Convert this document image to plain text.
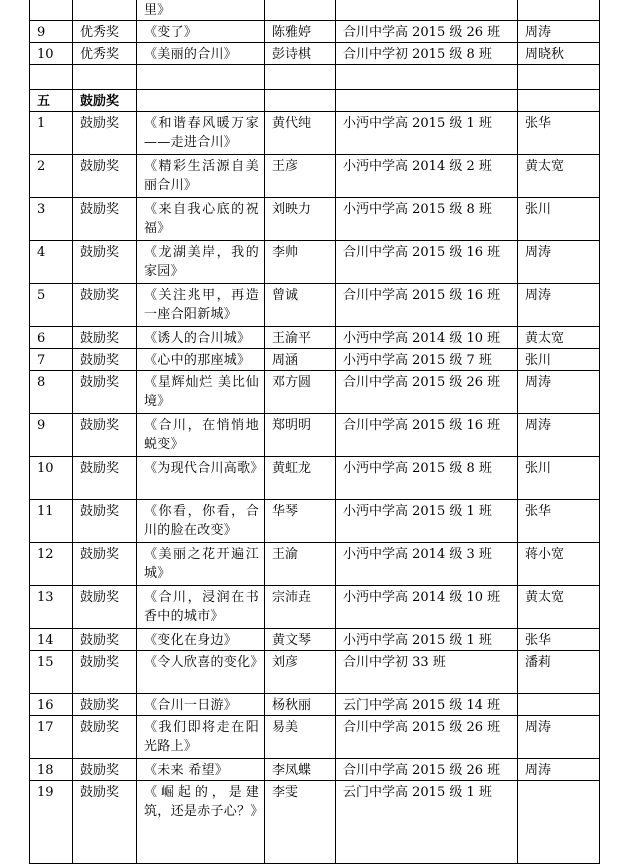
		里》			
9	优秀奖	《变了》	陈雅婷	合川中学高 2015 级 26 班	周涛
10	优秀奖	《美丽的合川》	彭诗棋	合川中学初 2015 级 8 班	周晓秋

五	鼓励奖				
1	鼓励奖	《和谐春风暖万家——走进合川》	黄代纯	小沔中学高 2015 级 1 班	张华
2	鼓励奖	《精彩生活源自美丽合川》	王彦	小沔中学高 2014 级 2 班	黄太宽
3	鼓励奖	《来自我心底的祝福》	刘映力	小沔中学高 2015 级 8 班	张川
4	鼓励奖	《龙湖美岸，我的家园》	李帅	合川中学高 2015 级 16 班	周涛
5	鼓励奖	《关注兆甲，再造一座合阳新城》	曾诚	合川中学高 2015 级 16 班	周涛
6	鼓励奖	《诱人的合川城》	王渝平	小沔中学高 2014 级 10 班	黄太宽
7	鼓励奖	《心中的那座城》	周涵	小沔中学高 2015 级 7 班	张川
8	鼓励奖	《星辉灿烂 美比仙境》	邓方圆	合川中学高 2015 级 26 班	周涛
9	鼓励奖	《合川，在悄悄地蜕变》	郑明明	合川中学高 2015 级 16 班	周涛
10	鼓励奖	《为现代合川高歌》	黄虹龙	小沔中学高 2015 级 8 班	张川
11	鼓励奖	《你看，你看，合川的脸在改变》	华琴	小沔中学高 2015 级 1 班	张华
12	鼓励奖	《美丽之花开遍江城》	王渝	小沔中学高 2014 级 3 班	蒋小宽
13	鼓励奖	《合川，浸润在书香中的城市》	宗沛垚	小沔中学高 2014 级 10 班	黄太宽
14	鼓励奖	《变化在身边》	黄文琴	小沔中学高 2015 级 1 班	张华
15	鼓励奖	《令人欣喜的变化》	刘彦	合川中学初 33 班	潘莉
16	鼓励奖	《合川一日游》	杨秋丽	云门中学高 2015 级 14 班	
17	鼓励奖	《我们即将走在阳光路上》	易美	合川中学高 2015 级 26 班	周涛
18	鼓励奖	《未来 希望》	李凤蝶	合川中学高 2015 级 26 班	周涛
19	鼓励奖	《崛起的，是建筑，还是赤子心？》	李雯	云门中学高 2015 级 1 班	
